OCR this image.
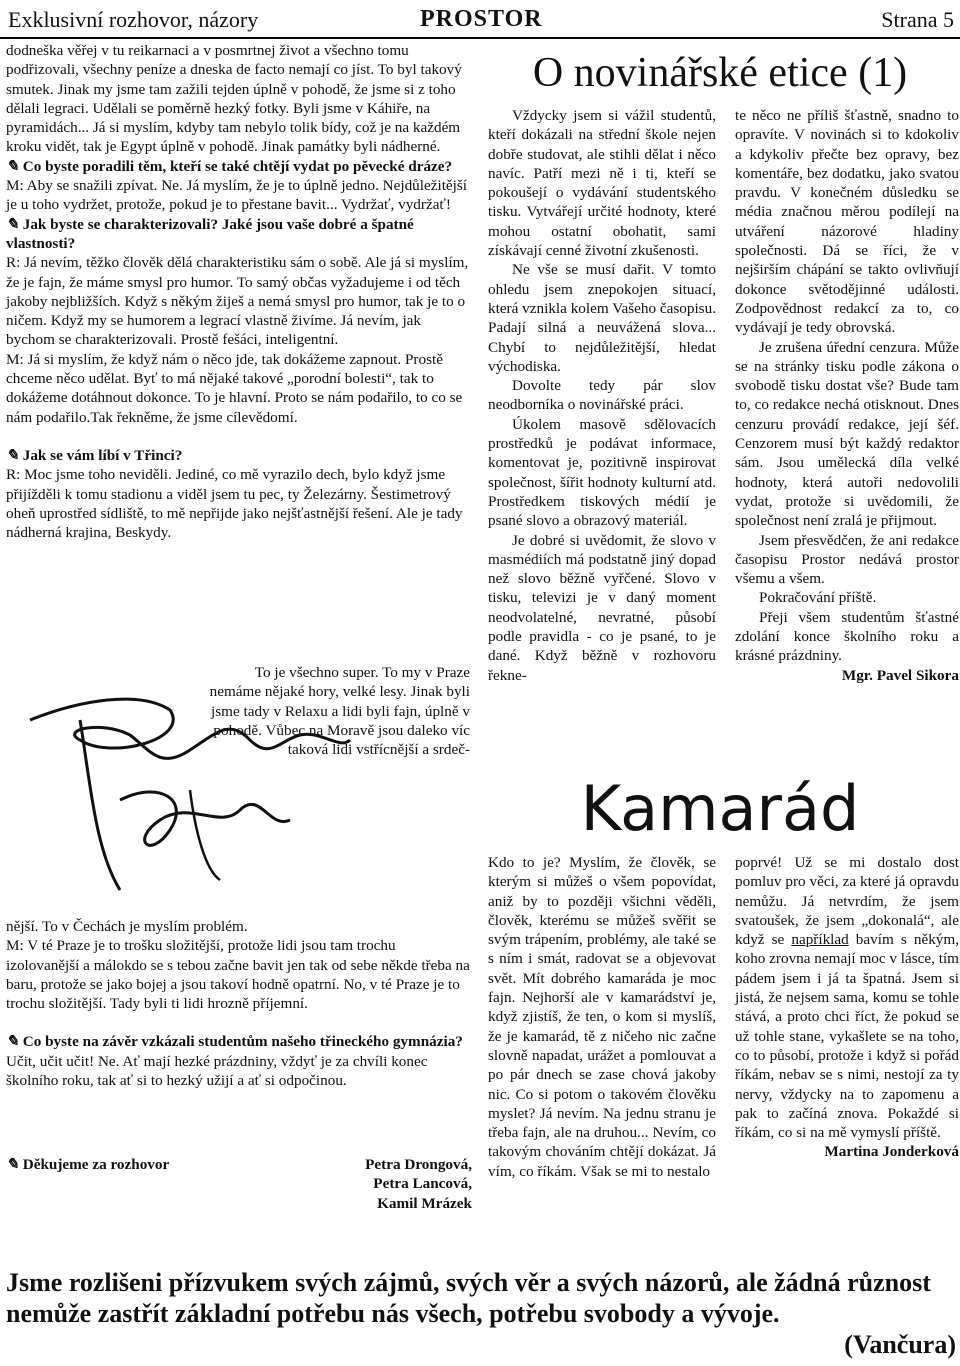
Exklusivní rozhovor, názory	PROSTOR	Strana 5

dodneška věřej v tu reikarnaci a v posmrtnej život a všechno tomu podřizovali, všechny peníze a dneska de facto nemají co jíst. To byl takový smutek. Jinak my jsme tam zažili tejden úplně v pohodě, že jsme si z toho dělali legraci. Udělali se poměrně hezký fotky. Byli jsme v Káhiře, na pyramidách... Já si myslím, kdyby tam nebylo tolik bídy, což je na každém kroku vidět, tak je Egypt úplně v pohodě. Jinak památky byli nádherné.

✎ Co byste poradili těm, kteří se také chtějí vydat po pěvecké dráze?

M: Aby se snažili zpívat. Ne. Já myslím, že je to úplně jedno. Nejdůležitější je u toho vydržet, protože, pokud je to přestane bavit... Vydržať, vydržať!

✎ Jak byste se charakterizovali? Jaké jsou vaše dobré a špatné vlastnosti?

R: Já nevím, těžko člověk dělá charakteristiku sám o sobě. Ale já si myslím, že je fajn, že máme smysl pro humor. To samý občas vyžadujeme i od těch jakoby nejbližších. Když s někým žiješ a nemá smysl pro humor, tak je to o ničem. Když my se humorem a legrací vlastně živíme. Já nevím, jak bychom se charakterizovali. Prostě fešáci, inteligentní.

M: Já si myslím, že když nám o něco jde, tak dokážeme zapnout. Prostě chceme něco udělat. Byť to má nějaké takové „porodní bolesti“, tak to dokážeme dotáhnout dokonce. To je hlavní. Proto se nám podařilo, to co se nám podařilo.Tak řekněme, že jsme cílevědomí.

✎ Jak se vám líbí v Třinci?

R: Moc jsme toho neviděli. Jediné, co mě vyrazilo dech, bylo když jsme přijížděli k tomu stadionu a viděl jsem tu pec, ty Železárny. Šestimetrový oheň uprostřed sídliště, to mě nepřijde jako nejšťastnější řešení. Ale je tady nádherná krajina, Beskydy.

To je všechno super. To my v Praze nemáme nějaké hory, velké lesy. Jinak byli jsme tady v Relaxu a lidi byli fajn, úplně v pohodě. Vůbec na Moravě jsou daleko víc taková lidi vstřícnější a srdeč-

nější. To v Čechách je myslím problém.

M: V té Praze je to trošku složitější, protože lidi jsou tam trochu izolovanější a málokdo se s tebou začne bavit jen tak od sebe někde třeba na baru, protože se jako bojej a jsou takoví hodně opatrní. No, v té Praze je to trochu složitější. Tady byli ti lidi hrozně příjemní.

✎ Co byste na závěr vzkázali studentům našeho třineckého gymnázia?

Učit, učit učit! Ne. Ať mají hezké prázdniny, vždyť je za chvíli konec školního roku, tak ať si to hezký užijí a ať si odpočinou.

✎ Děkujeme za rozhovor	Petra Drongová,
Petra Lancová,
Kamil Mrázek
O novinářské etice (1)

Vždycky jsem si vážil studentů, kteří dokázali na střední škole nejen dobře studovat, ale stihli dělat i něco navíc. Patří mezi ně i ti, kteří se pokoušejí o vydávání studentského tisku. Vytvářejí určité hodnoty, které mohou ostatní obohatit, sami získávají cenné životní zkušenosti.

Ne vše se musí dařit. V tomto ohledu jsem znepokojen situací, která vznikla kolem Vašeho časopisu. Padají silná a neuvážená slova... Chybí to nejdůležitější, hledat východiska.

Dovolte tedy pár slov neodborníka o novinářské práci.

Úkolem masově sdělovacích prostředků je podávat informace, komentovat je, pozitivně inspirovat společnost, šířit hodnoty kulturní atd. Prostředkem tiskových médií je psané slovo a obrazový materiál.

Je dobré si uvědomit, že slovo v masmédiích má podstatně jiný dopad než slovo běžně vyřčené. Slovo v tisku, televizi je v daný moment neodvolatelné, nevratné, působí podle pravidla - co je psané, to je dané. Když běžně v rozhovoru řekne-

te něco ne příliš šťastně, snadno to opravíte. V novinách si to kdokoliv a kdykoliv přečte bez opravy, bez komentáře, bez dodatku, jako svatou pravdu. V konečném důsledku se média značnou měrou podílejí na utváření názorové hladiny společnosti. Dá se říci, že v nejširším chápání se takto ovlivňují dokonce světodějinné události. Zodpovědnost redakcí za to, co vydávají je tedy obrovská.

Je zrušena úřední cenzura. Může se na stránky tisku podle zákona o svobodě tisku dostat vše? Bude tam to, co redakce nechá otisknout. Dnes cenzuru provádí redakce, její šéf. Cenzorem musí být každý redaktor sám. Jsou umělecká díla velké hodnoty, která autoři nedovolili vydat, protože si uvědomili, že společnost není zralá je přijmout.

Jsem přesvědčen, že ani redakce časopisu Prostor nedává prostor všemu a všem.

Pokračování příště.

Přeji všem studentům šťastné zdolání konce školního roku a krásné prázdniny.

Mgr. Pavel Sikora

Kamarád

Kdo to je? Myslím, že člověk, se kterým si můžeš o všem popovídat, aniž by to později všichni věděli, člověk, kterému se můžeš svěřit se svým trápením, problémy, ale také se s ním i smát, radovat se a objevovat svět. Mít dobrého kamaráda je moc fajn. Nejhorší ale v kamarádství je, když zjistíš, že ten, o kom si myslíš, že je kamarád, tě z ničeho nic začne slovně napadat, urážet a pomlouvat a po pár dnech se zase chová jakoby nic. Co si potom o takovém člověku myslet? Já nevím. Na jednu stranu je třeba fajn, ale na druhou... Nevím, co takovým chováním chtějí dokázat. Já vím, co říkám. Však se mi to nestalo

poprvé! Už se mi dostalo dost pomluv pro věci, za které já opravdu nemůžu. Já netvrdím, že jsem svatoušek, že jsem „dokonalá“, ale když se například bavím s někým, koho zrovna nemají moc v lásce, tím pádem jsem i já ta špatná. Jsem si jistá, že nejsem sama, komu se tohle stává, a proto chci říct, že pokud se už tohle stane, vykašlete se na toho, co to působí, protože i když si pořád říkám, nebav se s nimi, nestojí za ty nervy, vždycky na to zapomenu a pak to začíná znova. Pokaždé si říkám, co si na mě vymyslí příště.

Martina Jonderková

Jsme rozlišeni přízvukem svých zájmů, svých věr a svých názorů, ale žádná různost nemůže zastřít základní potřebu nás všech, potřebu svobody a vývoje.
(Vančura)
